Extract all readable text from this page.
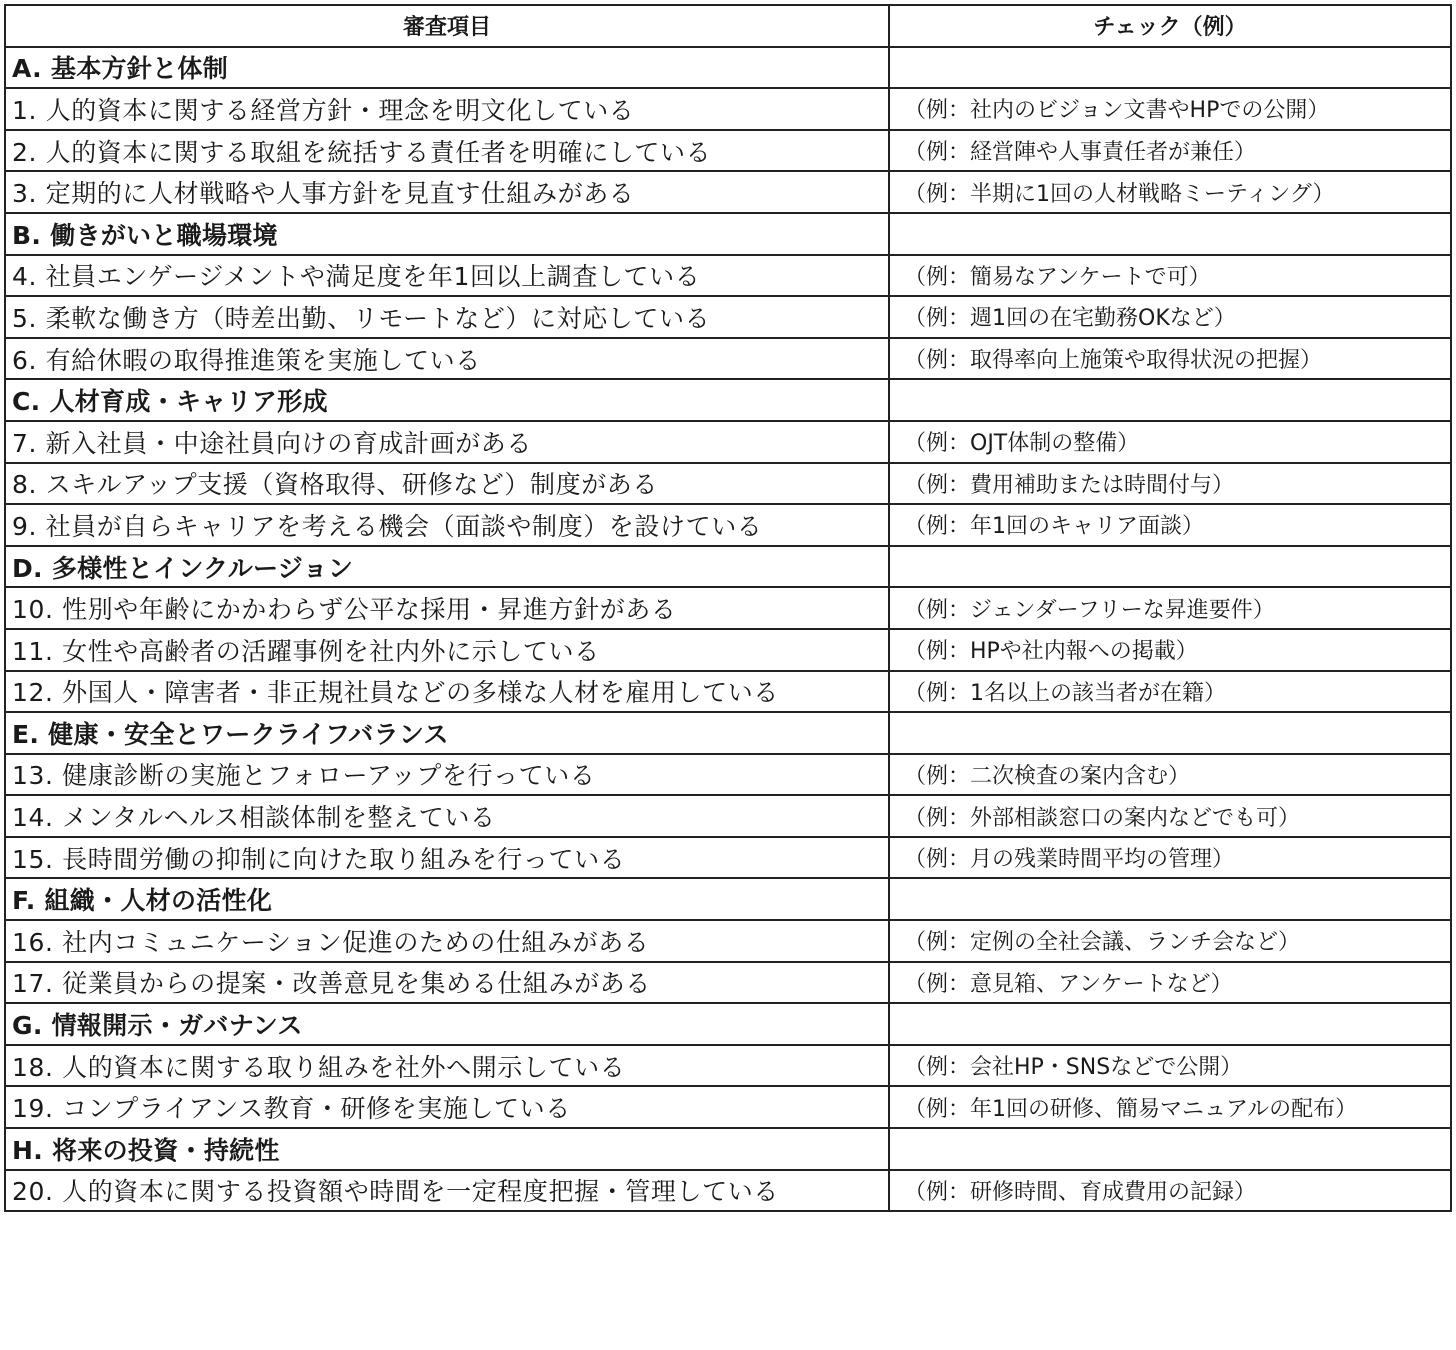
審査項目	チェック（例）
A. 基本方針と体制	
1. 人的資本に関する経営方針・理念を明文化している	（例：社内のビジョン文書やHPでの公開）
2. 人的資本に関する取組を統括する責任者を明確にしている	（例：経営陣や人事責任者が兼任）
3. 定期的に人材戦略や人事方針を見直す仕組みがある	（例：半期に1回の人材戦略ミーティング）
B. 働きがいと職場環境	
4. 社員エンゲージメントや満足度を年1回以上調査している	（例：簡易なアンケートで可）
5. 柔軟な働き方（時差出勤、リモートなど）に対応している	（例：週1回の在宅勤務OKなど）
6. 有給休暇の取得推進策を実施している	（例：取得率向上施策や取得状況の把握）
C. 人材育成・キャリア形成	
7. 新入社員・中途社員向けの育成計画がある	（例：OJT体制の整備）
8. スキルアップ支援（資格取得、研修など）制度がある	（例：費用補助または時間付与）
9. 社員が自らキャリアを考える機会（面談や制度）を設けている	（例：年1回のキャリア面談）
D. 多様性とインクルージョン	
10. 性別や年齢にかかわらず公平な採用・昇進方針がある	（例：ジェンダーフリーな昇進要件）
11. 女性や高齢者の活躍事例を社内外に示している	（例：HPや社内報への掲載）
12. 外国人・障害者・非正規社員などの多様な人材を雇用している	（例：1名以上の該当者が在籍）
E. 健康・安全とワークライフバランス	
13. 健康診断の実施とフォローアップを行っている	（例：二次検査の案内含む）
14. メンタルヘルス相談体制を整えている	（例：外部相談窓口の案内などでも可）
15. 長時間労働の抑制に向けた取り組みを行っている	（例：月の残業時間平均の管理）
F. 組織・人材の活性化	
16. 社内コミュニケーション促進のための仕組みがある	（例：定例の全社会議、ランチ会など）
17. 従業員からの提案・改善意見を集める仕組みがある	（例：意見箱、アンケートなど）
G. 情報開示・ガバナンス	
18. 人的資本に関する取り組みを社外へ開示している	（例：会社HP・SNSなどで公開）
19. コンプライアンス教育・研修を実施している	（例：年1回の研修、簡易マニュアルの配布）
H. 将来の投資・持続性	
20. 人的資本に関する投資額や時間を一定程度把握・管理している	（例：研修時間、育成費用の記録）
